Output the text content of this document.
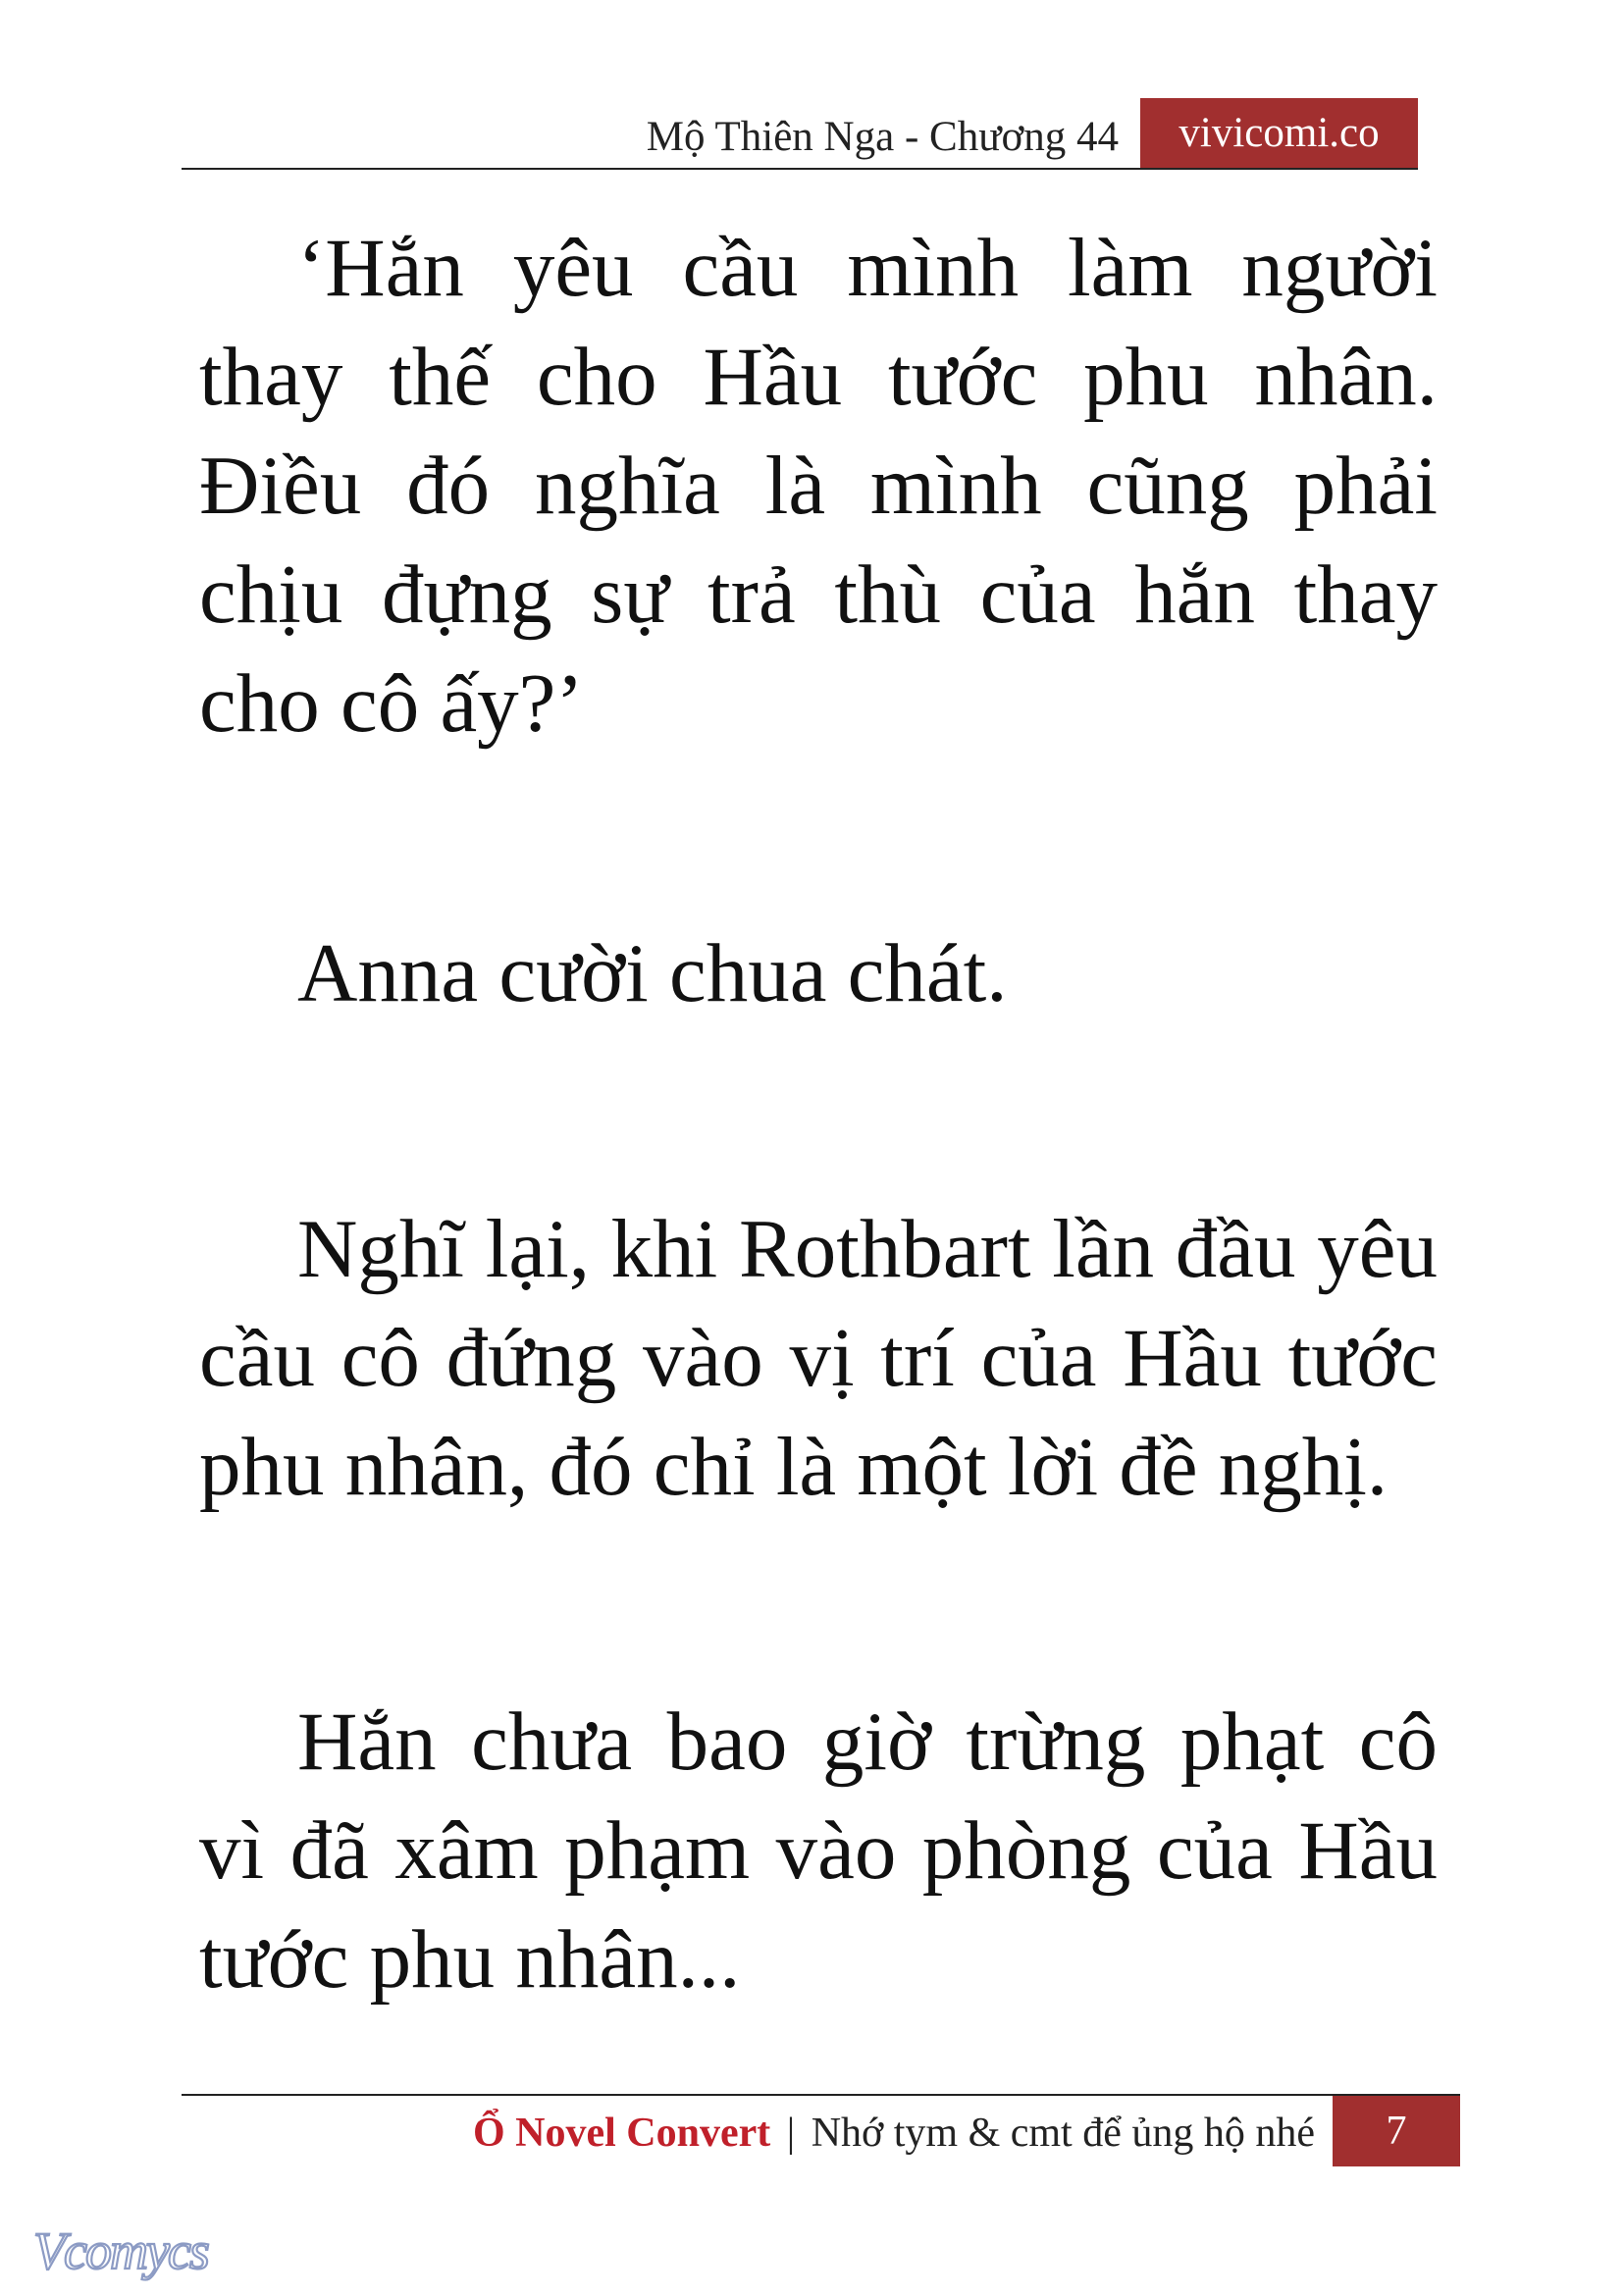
Mộ Thiên Nga - Chương 44	vivicomi.co

‘Hắn yêu cầu mình làm người thay thế cho Hầu tước phu nhân. Điều đó nghĩa là mình cũng phải chịu đựng sự trả thù của hắn thay cho cô ấy?’

Anna cười chua chát.

Nghĩ lại, khi Rothbart lần đầu yêu cầu cô đứng vào vị trí của Hầu tước phu nhân, đó chỉ là một lời đề nghị.

Hắn chưa bao giờ trừng phạt cô vì đã xâm phạm vào phòng của Hầu tước phu nhân...

Ổ Novel Convert | Nhớ tym & cmt để ủng hộ nhé	7
Vcomycs
